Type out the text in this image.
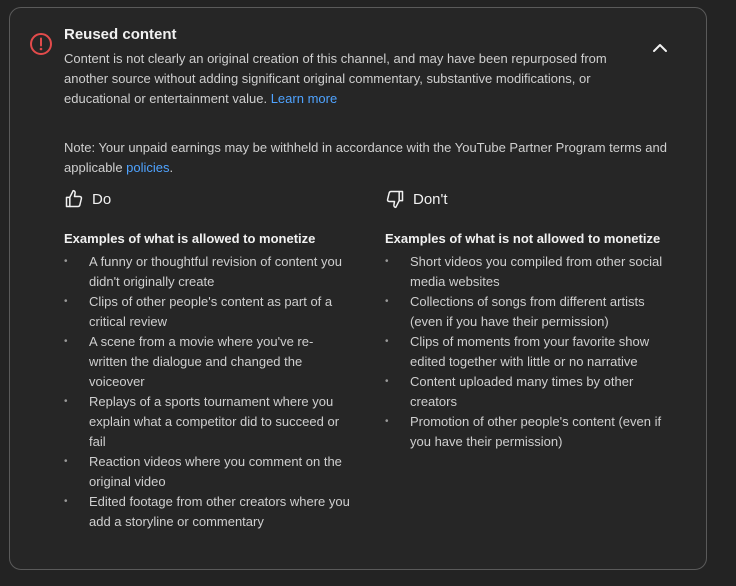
Reused content
Content is not clearly an original creation of this channel, and may have been repurposed from another source without adding significant original commentary, substantive modifications, or educational or entertainment value. Learn more
Note: Your unpaid earnings may be withheld in accordance with the YouTube Partner Program terms and applicable policies.
Do
Examples of what is allowed to monetize
• A funny or thoughtful revision of content you didn't originally create
• Clips of other people's content as part of a critical review
• A scene from a movie where you've re-written the dialogue and changed the voiceover
• Replays of a sports tournament where you explain what a competitor did to succeed or fail
• Reaction videos where you comment on the original video
• Edited footage from other creators where you add a storyline or commentary
Don't
Examples of what is not allowed to monetize
• Short videos you compiled from other social media websites
• Collections of songs from different artists (even if you have their permission)
• Clips of moments from your favorite show edited together with little or no narrative
• Content uploaded many times by other creators
• Promotion of other people's content (even if you have their permission)
